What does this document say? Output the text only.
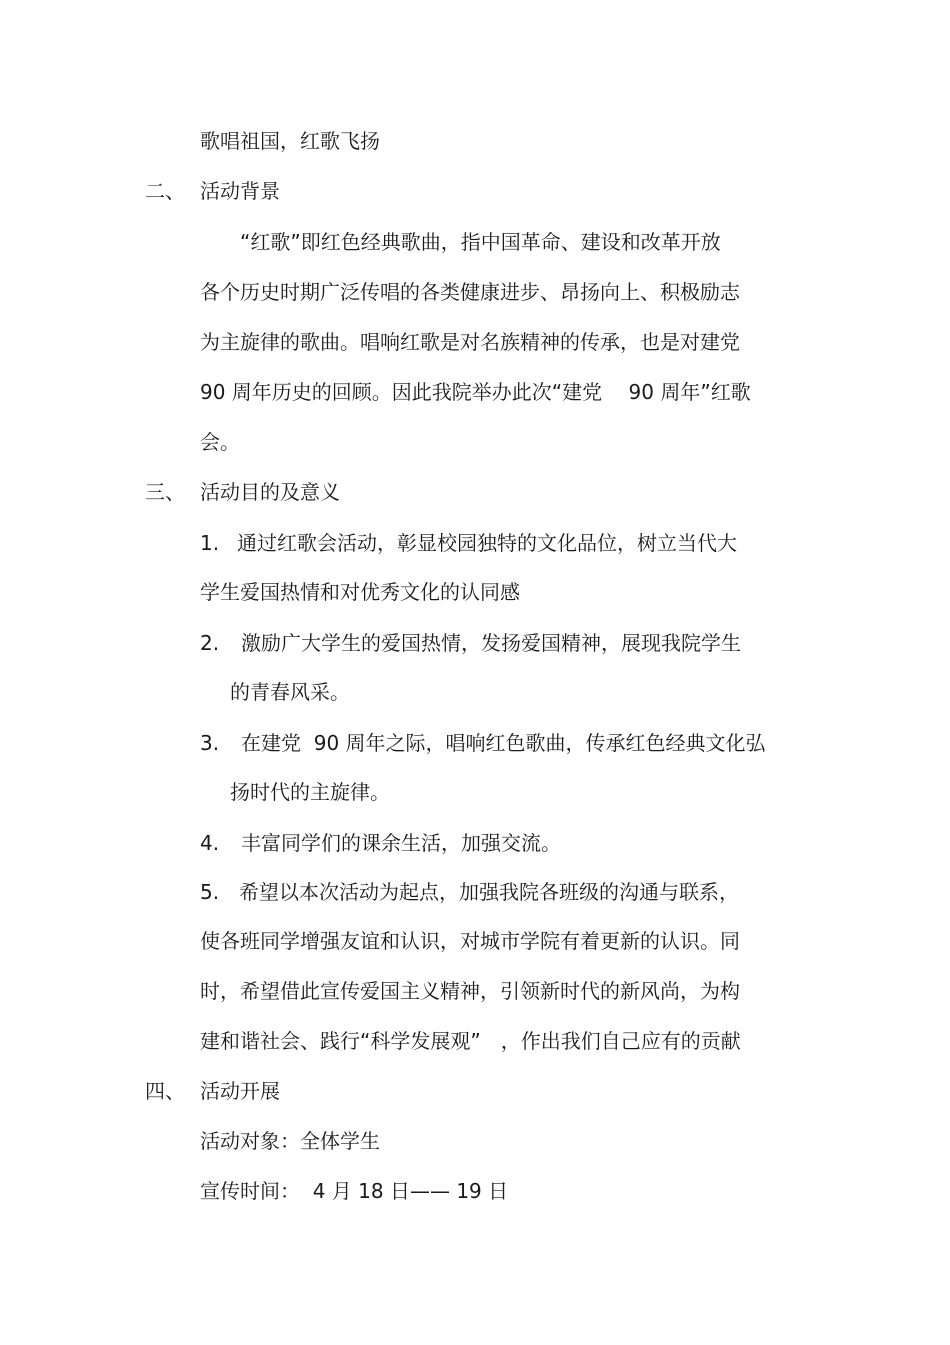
歌唱祖国，红歌飞扬
二、 活动背景
“红歌”即红色经典歌曲，指中国革命、建设和改革开放
各个历史时期广泛传唱的各类健康进步、昂扬向上、积极励志
为主旋律的歌曲。唱响红歌是对名族精神的传承，也是对建党
90 周年历史的回顾。因此我院举办此次“建党　 90 周年”红歌
会。
三、 活动目的及意义
1. 通过红歌会活动，彰显校园独特的文化品位，树立当代大
学生爱国热情和对优秀文化的认同感
2. 激励广大学生的爱国热情，发扬爱国精神，展现我院学生
的青春风采。
3. 在建党  90 周年之际，唱响红色歌曲，传承红色经典文化弘
扬时代的主旋律。
4. 丰富同学们的课余生活，加强交流。
5. 希望以本次活动为起点，加强我院各班级的沟通与联系，
使各班同学增强友谊和认识，对城市学院有着更新的认识。同
时，希望借此宣传爱国主义精神，引领新时代的新风尚，为构
建和谐社会、践行“科学发展观”　，作出我们自己应有的贡献
四、 活动开展
活动对象：全体学生
宣传时间：  4 月 18 日—— 19 日
